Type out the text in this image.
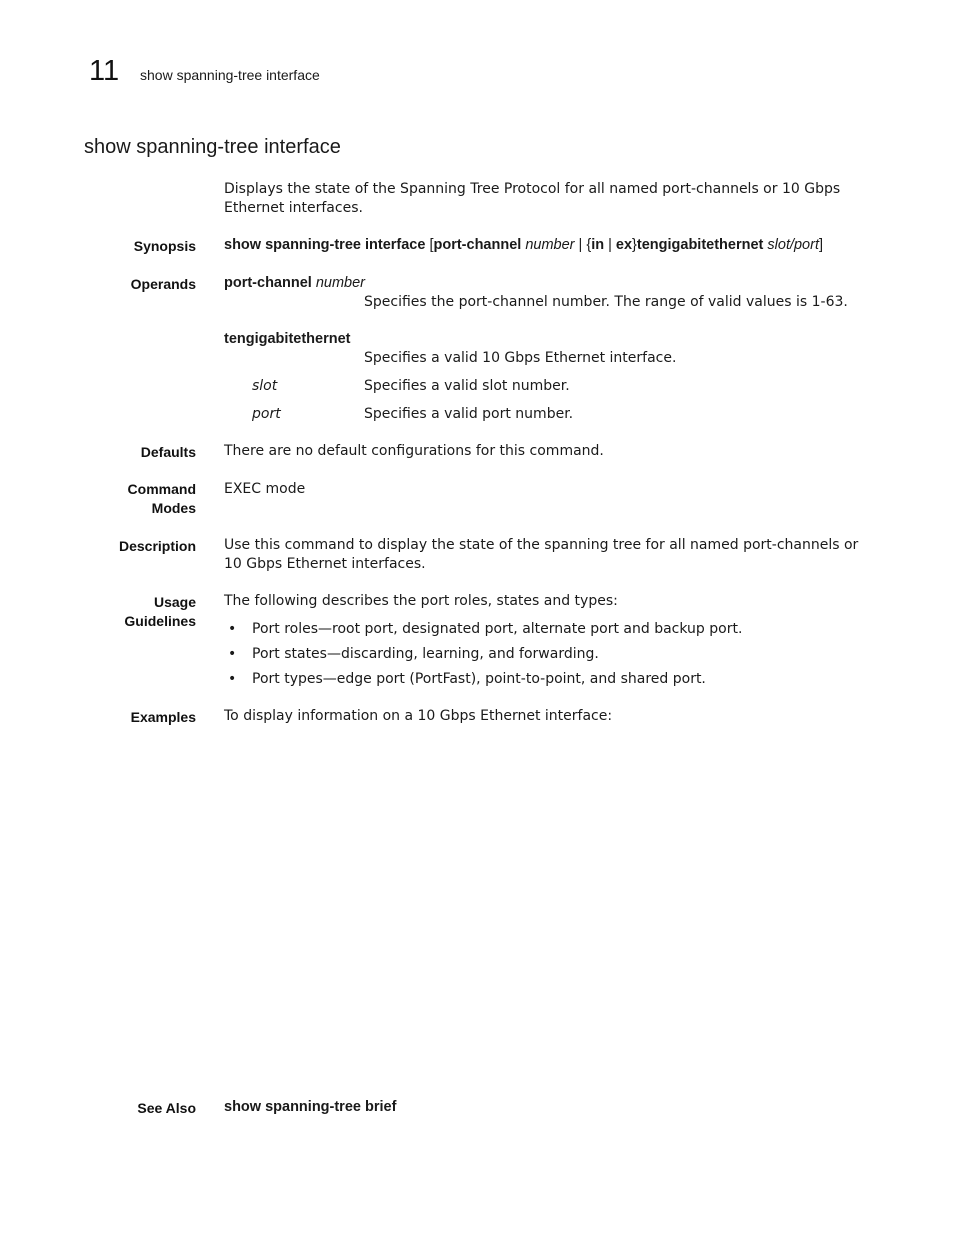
11 show spanning-tree interface
show spanning-tree interface
Displays the state of the Spanning Tree Protocol for all named port-channels or 10 Gbps Ethernet interfaces.
Synopsis show spanning-tree interface [port-channel number | {in | ex}tengigabitethernet slot/port]
Operands port-channel number
Specifies the port-channel number. The range of valid values is 1-63.
tengigabitethernet
Specifies a valid 10 Gbps Ethernet interface.
slot	Specifies a valid slot number.
port	Specifies a valid port number.
Defaults There are no default configurations for this command.
Command
Modes
EXEC mode
Description Use this command to display the state of the spanning tree for all named port-channels or 10 Gbps Ethernet interfaces.
Usage
Guidelines
The following describes the port roles, states and types:
• Port roles—root port, designated port, alternate port and backup port.
• Port states—discarding, learning, and forwarding.
• Port types—edge port (PortFast), point-to-point, and shared port.
Examples To display information on a 10 Gbps Ethernet interface:
See Also show spanning-tree brief
